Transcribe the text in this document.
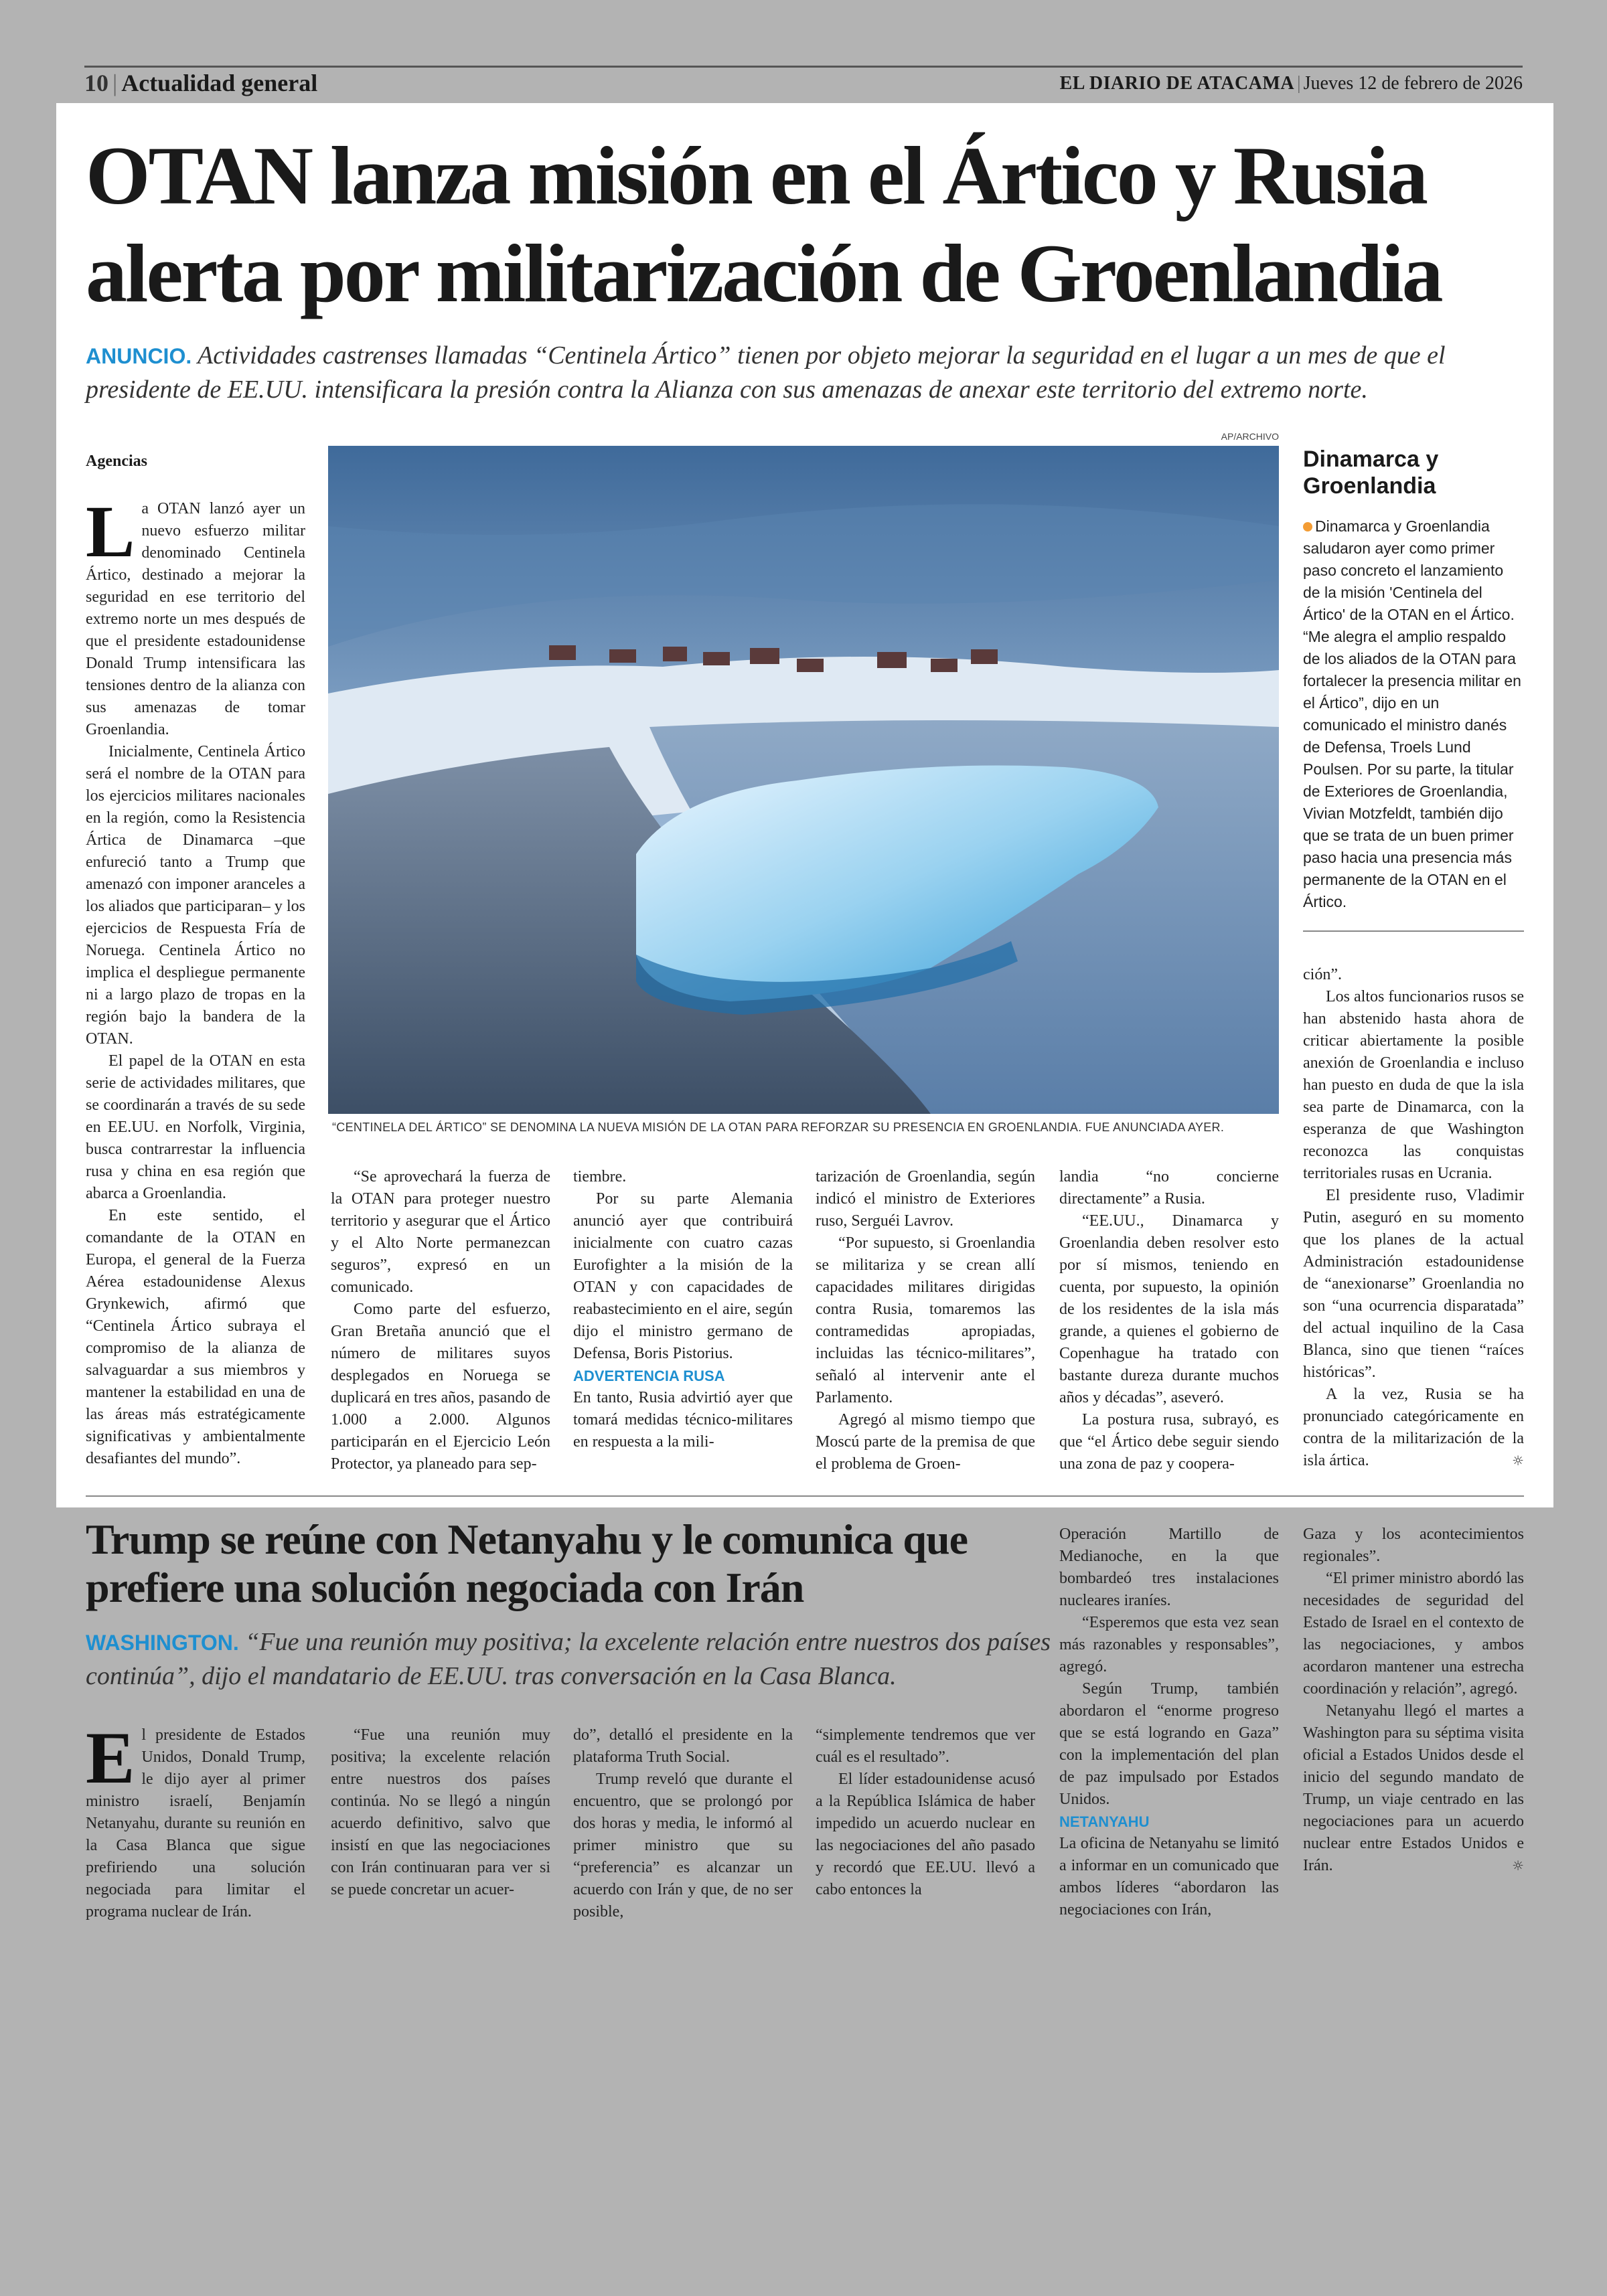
10 | Actualidad general	EL DIARIO DE ATACAMA | Jueves 12 de febrero de 2026
OTAN lanza misión en el Ártico y Rusia alerta por militarización de Groenlandia
ANUNCIO. Actividades castrenses llamadas “Centinela Ártico” tienen por objeto mejorar la seguridad en el lugar a un mes de que el presidente de EE.UU. intensificara la presión contra la Alianza con sus amenazas de anexar este territorio del extremo norte.
Agencias
AP/ARCHIVO
“CENTINELA DEL ÁRTICO” SE DENOMINA LA NUEVA MISIÓN DE LA OTAN PARA REFORZAR SU PRESENCIA EN GROENLANDIA. FUE ANUNCIADA AYER.
Dinamarca y Groenlandia
Dinamarca y Groenlandia saludaron ayer como primer paso concreto el lanzamiento de la misión 'Centinela del Ártico' de la OTAN en el Ártico. “Me alegra el amplio respaldo de los aliados de la OTAN para fortalecer la presencia militar en el Ártico”, dijo en un comunicado el ministro danés de Defensa, Troels Lund Poulsen. Por su parte, la titular de Exteriores de Groenlandia, Vivian Motzfeldt, también dijo que se trata de un buen primer paso hacia una presencia más permanente de la OTAN en el Ártico.

La OTAN lanzó ayer un nuevo esfuerzo militar denominado Centinela Ártico, destinado a mejorar la seguridad en ese territorio del extremo norte un mes después de que el presidente estadounidense Donald Trump intensificara las tensiones dentro de la alianza con sus amenazas de tomar Groenlandia.

Inicialmente, Centinela Ártico será el nombre de la OTAN para los ejercicios militares nacionales en la región, como la Resistencia Ártica de Dinamarca –que enfureció tanto a Trump que amenazó con imponer aranceles a los aliados que participaran– y los ejercicios de Respuesta Fría de Noruega. Centinela Ártico no implica el despliegue permanente ni a largo plazo de tropas en la región bajo la bandera de la OTAN.

El papel de la OTAN en esta serie de actividades militares, que se coordinarán a través de su sede en EE.UU. en Norfolk, Virginia, busca contrarrestar la influencia rusa y china en esa región que abarca a Groenlandia.

En este sentido, el comandante de la OTAN en Europa, el general de la Fuerza Aérea estadounidense Alexus Grynkewich, afirmó que “Centinela Ártico subraya el compromiso de la alianza de salvaguardar a sus miembros y mantener la estabilidad en una de las áreas más estratégicamente significativas y ambientalmente desafiantes del mundo”.

“Se aprovechará la fuerza de la OTAN para proteger nuestro territorio y asegurar que el Ártico y el Alto Norte permanezcan seguros”, expresó en un comunicado.

Como parte del esfuerzo, Gran Bretaña anunció que el número de militares suyos desplegados en Noruega se duplicará en tres años, pasando de 1.000 a 2.000. Algunos participarán en el Ejercicio León Protector, ya planeado para sep-

tiembre.

Por su parte Alemania anunció ayer que contribuirá inicialmente con cuatro cazas Eurofighter a la misión de la OTAN y con capacidades de reabastecimiento en el aire, según dijo el ministro germano de Defensa, Boris Pistorius.

ADVERTENCIA RUSA

En tanto, Rusia advirtió ayer que tomará medidas técnico-militares en respuesta a la mili-

tarización de Groenlandia, según indicó el ministro de Exteriores ruso, Serguéi Lavrov.

“Por supuesto, si Groenlandia se militariza y se crean allí capacidades militares dirigidas contra Rusia, tomaremos las contramedidas apropiadas, incluidas las técnico-militares”, señaló al intervenir ante el Parlamento.

Agregó al mismo tiempo que Moscú parte de la premisa de que el problema de Groen-

landia “no concierne directamente” a Rusia.

“EE.UU., Dinamarca y Groenlandia deben resolver esto por sí mismos, teniendo en cuenta, por supuesto, la opinión de los residentes de la isla más grande, a quienes el gobierno de Copenhague ha tratado con bastante dureza durante muchos años y décadas”, aseveró.

La postura rusa, subrayó, es que “el Ártico debe seguir siendo una zona de paz y coopera-

ción”.

Los altos funcionarios rusos se han abstenido hasta ahora de criticar abiertamente la posible anexión de Groenlandia e incluso han puesto en duda de que la isla sea parte de Dinamarca, con la esperanza de que Washington reconozca las conquistas territoriales rusas en Ucrania.

El presidente ruso, Vladimir Putin, aseguró en su momento que los planes de la actual Administración estadounidense de “anexionarse” Groenlandia no son “una ocurrencia disparatada” del actual inquilino de la Casa Blanca, sino que tienen “raíces históricas”.

A la vez, Rusia se ha pronunciado categóricamente en contra de la militarización de la isla ártica.	☼

Trump se reúne con Netanyahu y le comunica que prefiere una solución negociada con Irán
WASHINGTON. “Fue una reunión muy positiva; la excelente relación entre nuestros dos países continúa”, dijo el mandatario de EE.UU. tras conversación en la Casa Blanca.

El presidente de Estados Unidos, Donald Trump, le dijo ayer al primer ministro israelí, Benjamín Netanyahu, durante su reunión en la Casa Blanca que sigue prefiriendo una solución negociada para limitar el programa nuclear de Irán.

“Fue una reunión muy positiva; la excelente relación entre nuestros dos países continúa. No se llegó a ningún acuerdo definitivo, salvo que insistí en que las negociaciones con Irán continuaran para ver si se puede concretar un acuer-

do”, detalló el presidente en la plataforma Truth Social.

Trump reveló que durante el encuentro, que se prolongó por dos horas y media, le informó al primer ministro que su “preferencia” es alcanzar un acuerdo con Irán y que, de no ser posible,

“simplemente tendremos que ver cuál es el resultado”.

El líder estadounidense acusó a la República Islámica de haber impedido un acuerdo nuclear en las negociaciones del año pasado y recordó que EE.UU. llevó a cabo entonces la

Operación Martillo de Medianoche, en la que bombardeó tres instalaciones nucleares iraníes.

“Esperemos que esta vez sean más razonables y responsables”, agregó.

Según Trump, también abordaron el “enorme progreso que se está logrando en Gaza” con la implementación del plan de paz impulsado por Estados Unidos.

NETANYAHU

La oficina de Netanyahu se limitó a informar en un comunicado que ambos líderes “abordaron las negociaciones con Irán,

Gaza y los acontecimientos regionales”.

“El primer ministro abordó las necesidades de seguridad del Estado de Israel en el contexto de las negociaciones, y ambos acordaron mantener una estrecha coordinación y relación”, agregó.

Netanyahu llegó el martes a Washington para su séptima visita oficial a Estados Unidos desde el inicio del segundo mandato de Trump, un viaje centrado en las negociaciones para un acuerdo nuclear entre Estados Unidos e Irán.	☼
